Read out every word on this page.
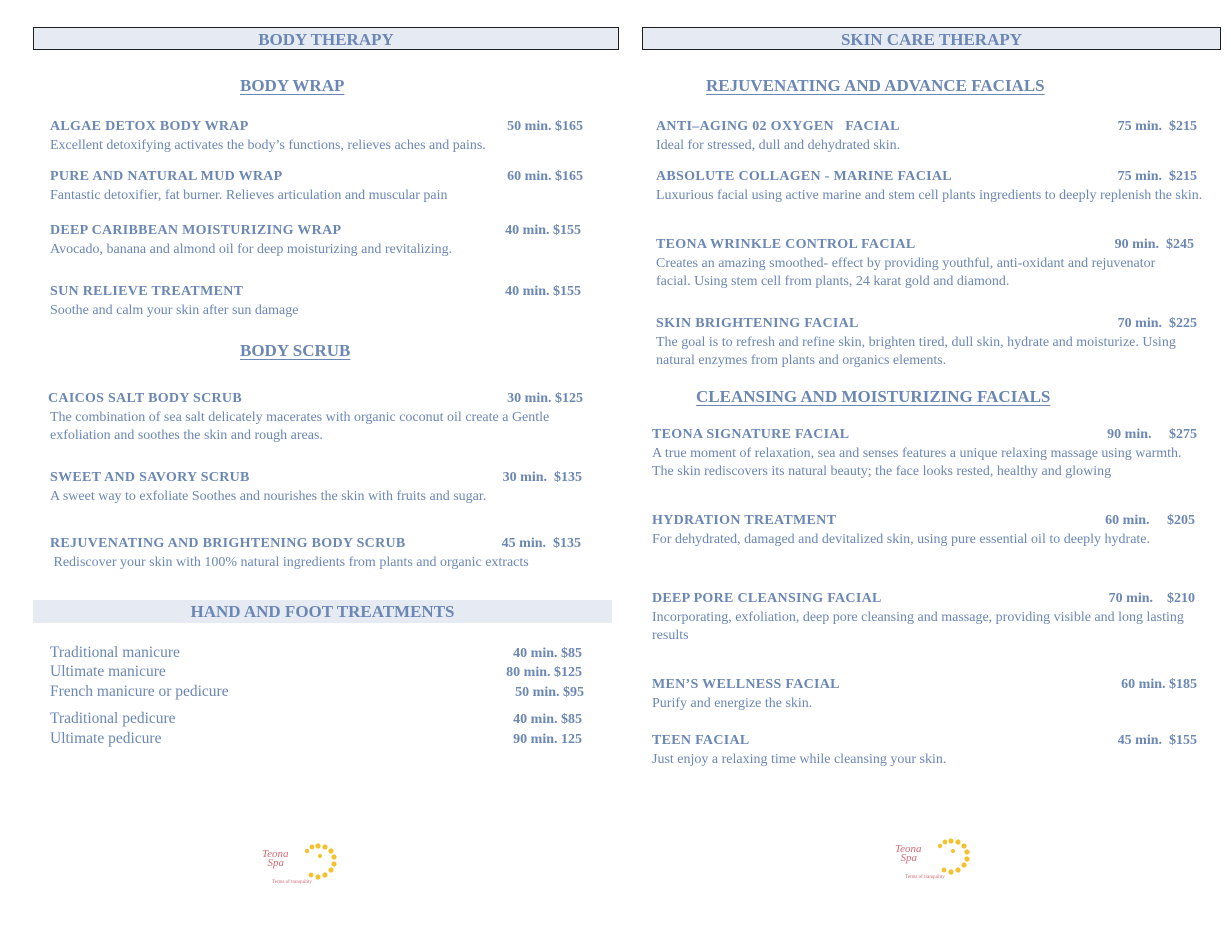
BODY THERAPY
BODY WRAP
ALGAE DETOX BODY WRAP	50 min. $165
Excellent detoxifying activates the body’s functions, relieves aches and pains.
PURE AND NATURAL MUD WRAP	60 min. $165
Fantastic detoxifier, fat burner. Relieves articulation and muscular pain
DEEP CARIBBEAN MOISTURIZING WRAP	40 min. $155
Avocado, banana and almond oil for deep moisturizing and revitalizing.
SUN RELIEVE TREATMENT	40 min. $155
Soothe and calm your skin after sun damage
BODY SCRUB
CAICOS SALT BODY SCRUB	30 min. $125
The combination of sea salt delicately macerates with organic coconut oil create a Gentle exfoliation and soothes the skin and rough areas.
SWEET AND SAVORY SCRUB	30 min.  $135
A sweet way to exfoliate Soothes and nourishes the skin with fruits and sugar.
REJUVENATING AND BRIGHTENING BODY SCRUB	45 min.  $135
Rediscover your skin with 100% natural ingredients from plants and organic extracts
HAND AND FOOT TREATMENTS
Traditional manicure	40 min. $85
Ultimate manicure	80 min. $125
French manicure or pedicure	50 min. $95
Traditional pedicure	40 min. $85
Ultimate pedicure	90 min. 125
Teona
Spa
Terms of tranquility
SKIN CARE THERAPY
REJUVENATING AND ADVANCE FACIALS
ANTI–AGING 02 OXYGEN   FACIAL	75 min.  $215
Ideal for stressed, dull and dehydrated skin.
ABSOLUTE COLLAGEN - MARINE FACIAL	75 min.  $215
Luxurious facial using active marine and stem cell plants ingredients to deeply replenish the skin.
TEONA WRINKLE CONTROL FACIAL	90 min.  $245
Creates an amazing smoothed- effect by providing youthful, anti-oxidant and rejuvenator facial. Using stem cell from plants, 24 karat gold and diamond.
SKIN BRIGHTENING FACIAL	70 min.  $225
The goal is to refresh and refine skin, brighten tired, dull skin, hydrate and moisturize. Using natural enzymes from plants and organics elements.
CLEANSING AND MOISTURIZING FACIALS
TEONA SIGNATURE FACIAL	90 min.     $275
A true moment of relaxation, sea and senses features a unique relaxing massage using warmth. The skin rediscovers its natural beauty; the face looks rested, healthy and glowing
HYDRATION TREATMENT	60 min.     $205
For dehydrated, damaged and devitalized skin, using pure essential oil to deeply hydrate.
DEEP PORE CLEANSING FACIAL	70 min.    $210
Incorporating, exfoliation, deep pore cleansing and massage, providing visible and long lasting results
MEN’S WELLNESS FACIAL	60 min. $185
Purify and energize the skin.
TEEN FACIAL	45 min.  $155
Just enjoy a relaxing time while cleansing your skin.
Teona
Spa
Terms of tranquility
